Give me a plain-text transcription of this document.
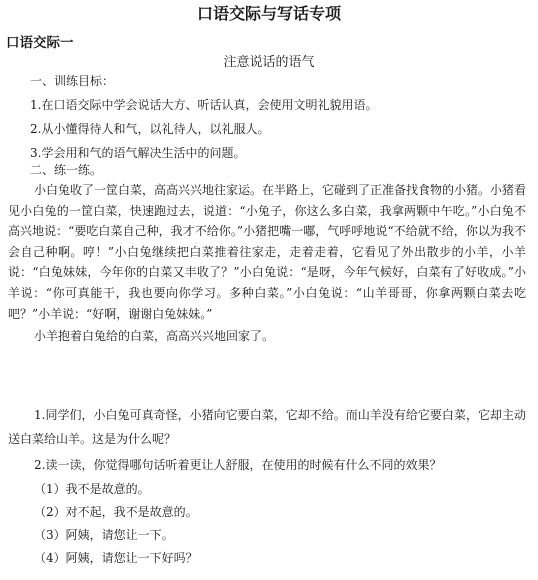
口语交际与写话专项
口语交际一
注意说话的语气
一、训练目标：
1.在口语交际中学会说话大方、听话认真，会使用文明礼貌用语。
2.从小懂得待人和气，以礼待人，以礼服人。
3.学会用和气的语气解决生活中的问题。
二、练一练。

小白兔收了一筐白菜，高高兴兴地往家运。在半路上，它碰到了正准备找食物的小猪。小猪看见小白兔的一筐白菜，快速跑过去，说道：“小兔子，你这么多白菜，我拿两颗中午吃。”小白兔不高兴地说：“要吃白菜自己种，我才不给你。”小猪把嘴一嘟，气呼呼地说“不给就不给，你以为我不会自己种啊。哼！”小白兔继续把白菜推着往家走，走着走着，它看见了外出散步的小羊，小羊说：“白兔妹妹，今年你的白菜又丰收了？”小白兔说：“是呀，今年气候好，白菜有了好收成。”小羊说：“你可真能干，我也要向你学习。多种白菜。”小白兔说：“山羊哥哥，你拿两颗白菜去吃吧？”小羊说：“好啊，谢谢白兔妹妹。”

小羊抱着白兔给的白菜，高高兴兴地回家了。

1.同学们，小白兔可真奇怪，小猪向它要白菜，它却不给。而山羊没有给它要白菜，它却主动送白菜给山羊。这是为什么呢？

2.读一读，你觉得哪句话听着更让人舒服，在使用的时候有什么不同的效果？

（1）我不是故意的。
（2）对不起，我不是故意的。
（3）阿姨，请您让一下。
（4）阿姨，请您让一下好吗？
